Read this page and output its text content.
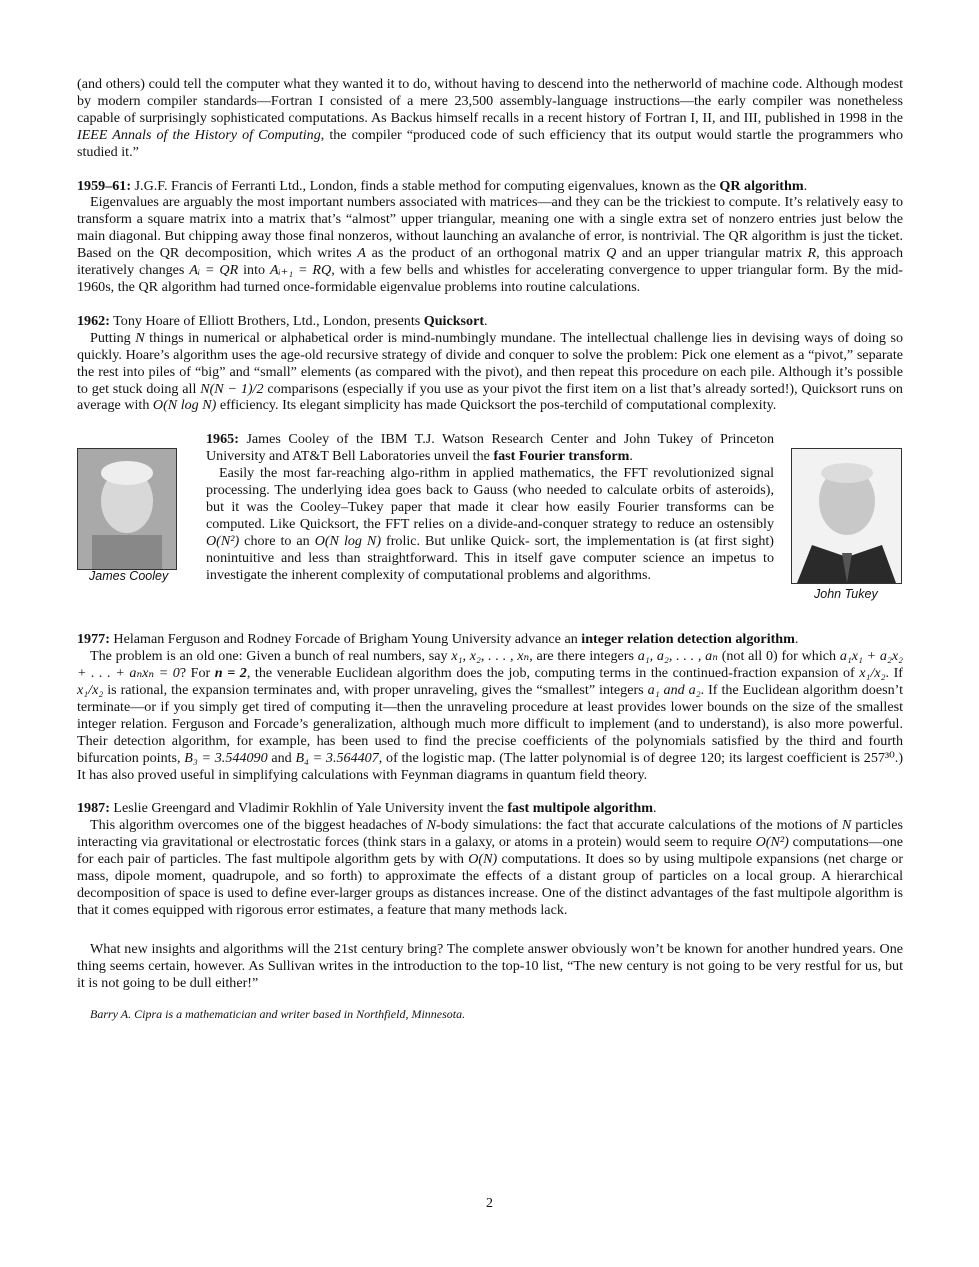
(and others) could tell the computer what they wanted it to do, without having to descend into the netherworld of machine code. Although modest by modern compiler standards—Fortran I consisted of a mere 23,500 assembly-language instructions—the early compiler was nonetheless capable of surprisingly sophisticated computations. As Backus himself recalls in a recent history of Fortran I, II, and III, published in 1998 in the IEEE Annals of the History of Computing, the compiler “produced code of such efficiency that its output would startle the programmers who studied it.”

1959–61: J.G.F. Francis of Ferranti Ltd., London, finds a stable method for computing eigenvalues, known as the QR algorithm.

Eigenvalues are arguably the most important numbers associated with matrices—and they can be the trickiest to compute. It’s relatively easy to transform a square matrix into a matrix that’s “almost” upper triangular, meaning one with a single extra set of nonzero entries just below the main diagonal. But chipping away those final nonzeros, without launching an avalanche of error, is nontrivial. The QR algorithm is just the ticket. Based on the QR decomposition, which writes A as the product of an orthogonal matrix Q and an upper triangular matrix R, this approach iteratively changes Aᵢ = QR into Aᵢ₊₁ = RQ, with a few bells and whistles for accelerating convergence to upper triangular form. By the mid-1960s, the QR algorithm had turned once-formidable eigenvalue problems into routine calculations.

1962: Tony Hoare of Elliott Brothers, Ltd., London, presents Quicksort.

Putting N things in numerical or alphabetical order is mind-numbingly mundane. The intellectual challenge lies in devising ways of doing so quickly. Hoare’s algorithm uses the age-old recursive strategy of divide and conquer to solve the problem: Pick one element as a “pivot,” separate the rest into piles of “big” and “small” elements (as compared with the pivot), and then repeat this procedure on each pile. Although it’s possible to get stuck doing all N(N − 1)/2 comparisons (especially if you use as your pivot the first item on a list that’s already sorted!), Quicksort runs on average with O(N log N) efficiency. Its elegant simplicity has made Quicksort the pos-terchild of computational complexity.

James Cooley

1965: James Cooley of the IBM T.J. Watson Research Center and John Tukey of Princeton University and AT&T Bell Laboratories unveil the fast Fourier transform.

Easily the most far-reaching algo-rithm in applied mathematics, the FFT revolutionized signal processing. The underlying idea goes back to Gauss (who needed to calculate orbits of asteroids), but it was the Cooley–Tukey paper that made it clear how easily Fourier transforms can be computed. Like Quicksort, the FFT relies on a divide-and-conquer strategy to reduce an ostensibly O(N²) chore to an O(N log N) frolic. But unlike Quick- sort, the implementation is (at first sight) nonintuitive and less than straightforward. This in itself gave computer science an impetus to investigate the inherent complexity of computational problems and algorithms.

John Tukey

1977: Helaman Ferguson and Rodney Forcade of Brigham Young University advance an integer relation detection algorithm.

The problem is an old one: Given a bunch of real numbers, say x₁, x₂, . . . , xₙ, are there integers a₁, a₂, . . . , aₙ (not all 0) for which a₁x₁ + a₂x₂ + . . . + aₙxₙ = 0? For n = 2, the venerable Euclidean algorithm does the job, computing terms in the continued-fraction expansion of x₁/x₂. If x₁/x₂ is rational, the expansion terminates and, with proper unraveling, gives the “smallest” integers a₁ and a₂. If the Euclidean algorithm doesn’t terminate—or if you simply get tired of computing it—then the unraveling procedure at least provides lower bounds on the size of the smallest integer relation. Ferguson and Forcade’s generalization, although much more difficult to implement (and to understand), is also more powerful. Their detection algorithm, for example, has been used to find the precise coefficients of the polynomials satisfied by the third and fourth bifurcation points, B₃ = 3.544090 and B₄ = 3.564407, of the logistic map. (The latter polynomial is of degree 120; its largest coefficient is 257³⁰.) It has also proved useful in simplifying calculations with Feynman diagrams in quantum field theory.

1987: Leslie Greengard and Vladimir Rokhlin of Yale University invent the fast multipole algorithm.

This algorithm overcomes one of the biggest headaches of N-body simulations: the fact that accurate calculations of the motions of N particles interacting via gravitational or electrostatic forces (think stars in a galaxy, or atoms in a protein) would seem to require O(N²) computations—one for each pair of particles. The fast multipole algorithm gets by with O(N) computations. It does so by using multipole expansions (net charge or mass, dipole moment, quadrupole, and so forth) to approximate the effects of a distant group of particles on a local group. A hierarchical decomposition of space is used to define ever-larger groups as distances increase. One of the distinct advantages of the fast multipole algorithm is that it comes equipped with rigorous error estimates, a feature that many methods lack.

What new insights and algorithms will the 21st century bring? The complete answer obviously won’t be known for another hundred years. One thing seems certain, however. As Sullivan writes in the introduction to the top-10 list, “The new century is not going to be very restful for us, but it is not going to be dull either!”

Barry A. Cipra is a mathematician and writer based in Northfield, Minnesota.

2
